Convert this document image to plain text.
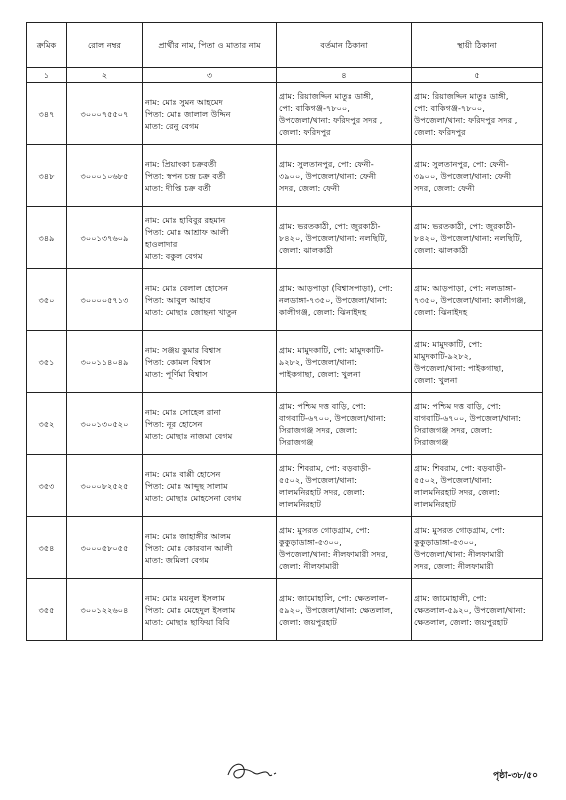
ক্রমিক	রোল নম্বর	প্রার্থীর নাম, পিতা ও মাতার নাম	বর্তমান ঠিকানা	স্থায়ী ঠিকানা
১	২	৩	৪	৫
৩৪৭	৩০০০৭৫৫০৭	নাম: মোঃ সুমন আহমেদ
পিতা: মোঃ জালাল উদ্দিন
মাতা: রেনু বেগম	গ্রাম: রিয়াজদ্দিন মাতুঃ ডাঙ্গী,
পো: বাকিগঞ্জ-৭৮০০,
উপজেলা/থানা: ফরিদপুর সদর ,
জেলা: ফরিদপুর	গ্রাম: রিয়াজদ্দিন মাতুঃ ডাঙ্গী,
পো: বাকিগঞ্জ-৭৮০০,
উপজেলা/থানা: ফরিদপুর সদর ,
জেলা: ফরিদপুর

৩৪৮	৩০০০১০৬৮৫	নাম: প্রিয়াংকা চক্রবর্তী
পিতা: স্বপন চন্দ্র চক্র বর্তী
মাতা: দীপ্তি চক্র বর্তী	গ্রাম: সুলতানপুর, পো: ফেনী-
৩৯০০, উপজেলা/থানা: ফেনী
সদর, জেলা: ফেনী	গ্রাম: সুলতানপুর, পো: ফেনী-
৩৯০০, উপজেলা/থানা: ফেনী
সদর, জেলা: ফেনী

৩৪৯	৩০০১৩৭৬০৯	নাম: মোঃ হাবিবুর রহমান
পিতা: মোঃ আশ্রাফ আলী
হাওলাদার
মাতা: বকুল বেগম	গ্রাম: ভরতকাঠী, পো: জুরকাঠী-
৮৪২০, উপজেলা/থানা: নলছিটি,
জেলা: ঝালকাঠী	গ্রাম: ভরতকাঠী, পো: জুরকাঠী-
৮৪২০, উপজেলা/থানা: নলছিটি,
জেলা: ঝালকাঠী

৩৫০	৩০০০০৫৭১৩	নাম: মোঃ বেলাল হোসেন
পিতা: আবুল আহাব
মাতা: মোছাঃ জোছনা খাতুন	গ্রাম: আড়পাড়া (বিশ্বাসপাড়া), পো:
নলডাঙ্গা-৭৩৫০, উপজেলা/থানা:
কালীগঞ্জ, জেলা: ঝিনাইদহ	গ্রাম: আড়পাড়া, পো: নলডাঙ্গা-
৭৩৫০, উপজেলা/থানা: কালীগঞ্জ,
জেলা: ঝিনাইদহ

৩৫১	৩০০১১৪০৪৯	নাম: সঞ্জয় কুমার বিশ্বাস
পিতা: কোমল বিশ্বাস
মাতা: পূর্ণিমা বিশ্বাস	গ্রাম: মামুদকাটি, পো: মামুদকাটি-
৯২৮২, উপজেলা/থানা:
পাইকগাছা, জেলা: খুলনা	গ্রাম: মামুদকাটি, পো:
মামুদকাটি-৯২৮২,
উপজেলা/থানা: পাইকগাছা,
জেলা: খুলনা

৩৫২	৩০০১৩০৫২০	নাম: মোঃ সোহেল রানা
পিতা: নূর হোসেন
মাতা: মোছাঃ নাজমা বেগম	গ্রাম: পশ্চিম দত্ত বাড়ি, পো:
বাগবাটি-৬৭০০, উপজেলা/থানা:
সিরাজগঞ্জ সদর, জেলা:
সিরাজগঞ্জ	গ্রাম: পশ্চিম দত্ত বাড়ি, পো:
বাগবাটি-৬৭০০, উপজেলা/থানা:
সিরাজগঞ্জ সদর, জেলা:
সিরাজগঞ্জ

৩৫৩	৩০০০৮২৫২৫	নাম: মোঃ বাপ্পী হোসেন
পিতা: মোঃ আব্দুছ সালাম
মাতা: মোছাঃ মোহসেনা বেগম	গ্রাম: শিবরাম, পো: বড়বাড়ী-
৫৫০২, উপজেলা/থানা:
লালমনিরহাট সদর, জেলা:
লালমনিরহাট	গ্রাম: শিবরাম, পো: বড়বাড়ী-
৫৫০২, উপজেলা/থানা:
লালমনিরহাট সদর, জেলা:
লালমনিরহাট

৩৫৪	৩০০০৫৮০৫৫	নাম: মোঃ জাহাঙ্গীর আলম
পিতা: মোঃ কোরবান আলী
মাতা: জমিলা বেগম	গ্রাম: মুসরত গোড়গ্রাম, পো:
কুকুড়াডাঙ্গা-৫৩০০,
উপজেলা/থানা: নীলফামারী সদর,
জেলা: নীলফামারী	গ্রাম: মুসরত গোড়গ্রাম, পো:
কুকুড়াডাঙ্গা-৫৩০০,
উপজেলা/থানা: নীলফামারী
সদর, জেলা: নীলফামারী

৩৫৫	৩০০১২২৬০৪	নাম: মোঃ ময়নুল ইসলাম
পিতা: মোঃ মেহেদুল ইসলাম
মাতা: মোছাঃ ছাফিয়া বিবি	গ্রাম: জামোহালি, পো: ক্ষেতলাল-
৫৯২০, উপজেলা/থানা: ক্ষেতলাল,
জেলা: জয়পুরহাট	গ্রাম: জামোহালী, পো:
ক্ষেতলাল-৫৯২০, উপজেলা/থানা:
ক্ষেতলাল, জেলা: জয়পুরহাট
পৃষ্ঠা-৩৮/৫০
